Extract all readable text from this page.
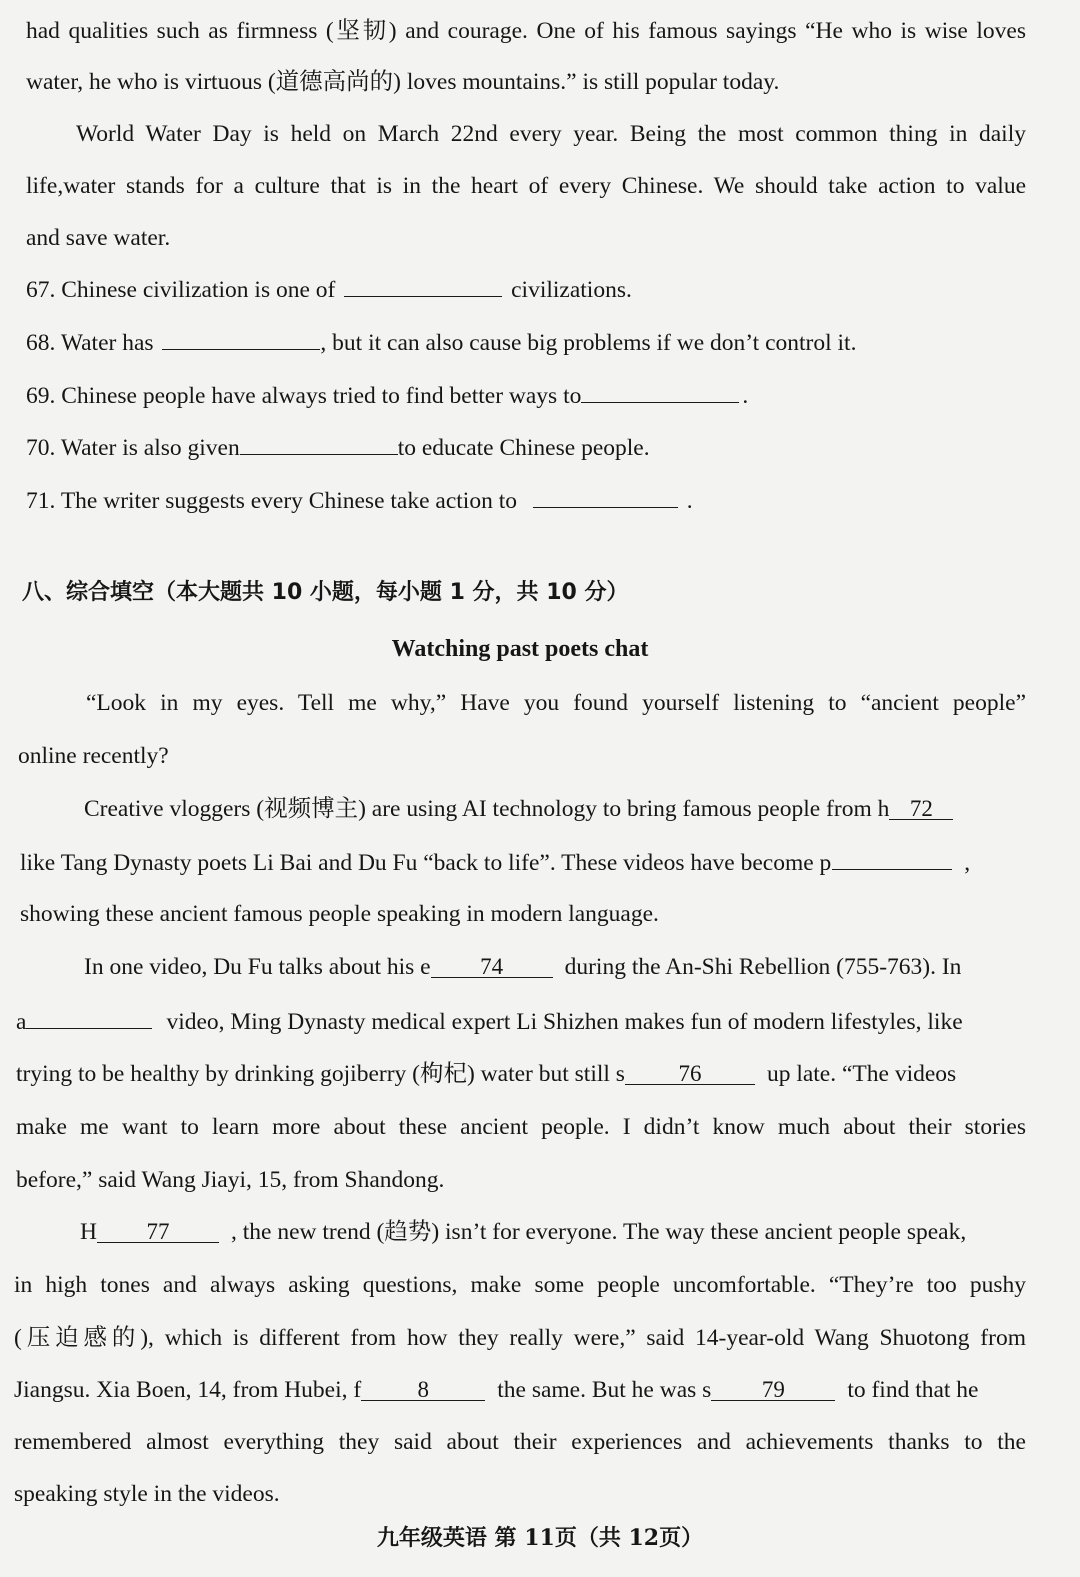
had qualities such as firmness (坚韧) and courage. One of his famous sayings “He who is wise loves
water, he who is virtuous (道德高尚的) loves mountains.” is still popular today.
World Water Day is held on March 22nd every year. Being the most common thing in daily
life,water stands for a culture that is in the heart of every Chinese. We should take action to value
and save water.
67. Chinese civilization is one of	civilizations.
68. Water has	, but it can also cause big problems if we don’t control it.
69. Chinese people have always tried to find better ways to	.
70. Water is also given	to educate Chinese people.
71. The writer suggests every Chinese take action to	.
八、综合填空（本大题共 10 小题，每小题 1 分，共 10 分）
Watching past poets chat
“Look in my eyes. Tell me why,” Have you found yourself listening to “ancient people”
online recently?
Creative vloggers (视频博主) are using AI technology to bring famous people from h 72
like Tang Dynasty poets Li Bai and Du Fu “back to life”. These videos have become p	,
showing these ancient famous people speaking in modern language.
In one video, Du Fu talks about his e 74	during the An-Shi Rebellion (755-763). In
a	video, Ming Dynasty medical expert Li Shizhen makes fun of modern lifestyles, like
trying to be healthy by drinking gojiberry (枸杞) water but still s 76	up late. “The videos
make me want to learn more about these ancient people. I didn’t know much about their stories
before,” said Wang Jiayi, 15, from Shandong.
H 77	, the new trend (趋势) isn’t for everyone. The way these ancient people speak,
in high tones and always asking questions, make some people uncomfortable. “They’re too pushy
(压迫感的), which is different from how they really were,” said 14-year-old Wang Shuotong from
Jiangsu. Xia Boen, 14, from Hubei, f 8	the same. But he was s 79	to find that he
remembered almost everything they said about their experiences and achievements thanks to the
speaking style in the videos.
九年级英语 第 11页（共 12页）
